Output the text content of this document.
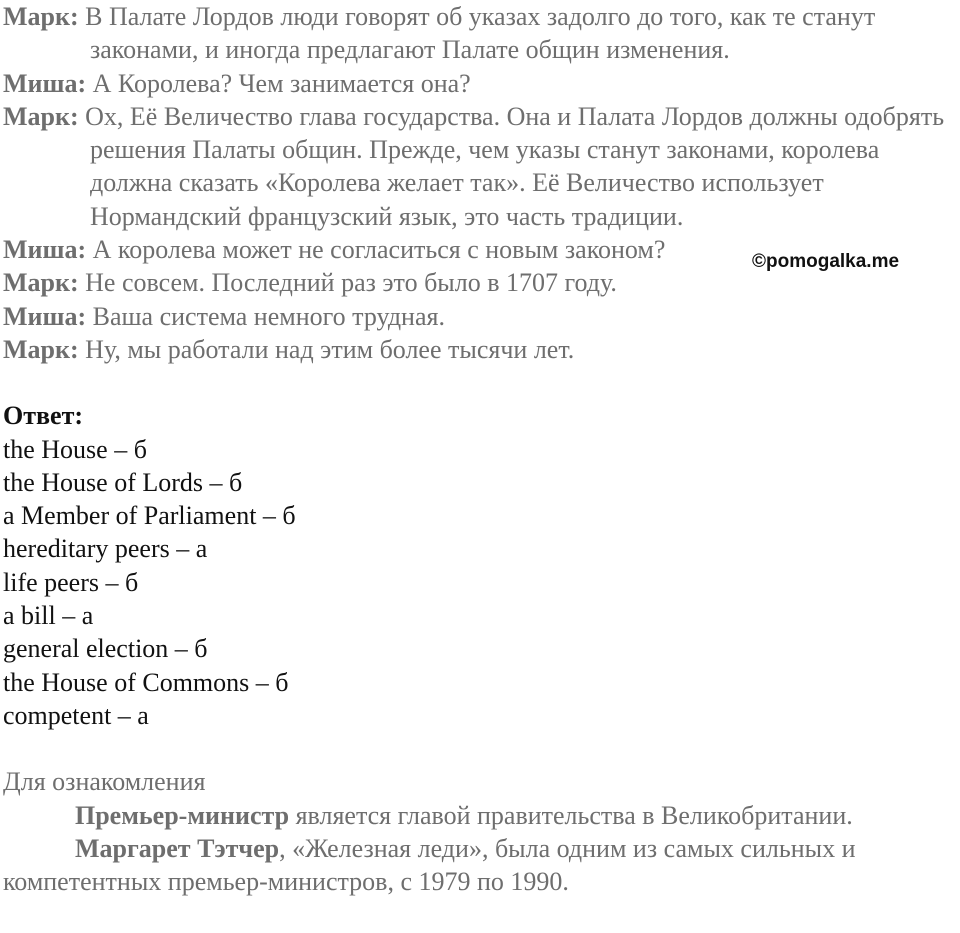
Марк: В Палате Лордов люди говорят об указах задолго до того, как те станут законами, и иногда предлагают Палате общин изменения.

Миша: А Королева? Чем занимается она?

Марк: Ох, Её Величество глава государства. Она и Палата Лордов должны одобрять решения Палаты общин. Прежде, чем указы станут законами, королева должна сказать «Королева желает так». Её Величество использует Нормандский французский язык, это часть традиции.

Миша: А королева может не согласиться с новым законом?

Марк: Не совсем. Последний раз это было в 1707 году.

Миша: Ваша система немного трудная.

Марк: Ну, мы работали над этим более тысячи лет.

Ответ:

the House – б
the House of Lords – б
a Member of Parliament – б
hereditary peers – а
life peers – б
a bill – а
general election – б
the House of Commons – б
competent – а

Для ознакомления

Премьер-министр является главой правительства в Великобритании.

Маргарет Тэтчер, «Железная леди», была одним из самых сильных и компетентных премьер-министров, с 1979 по 1990.

©pomogalka.me
